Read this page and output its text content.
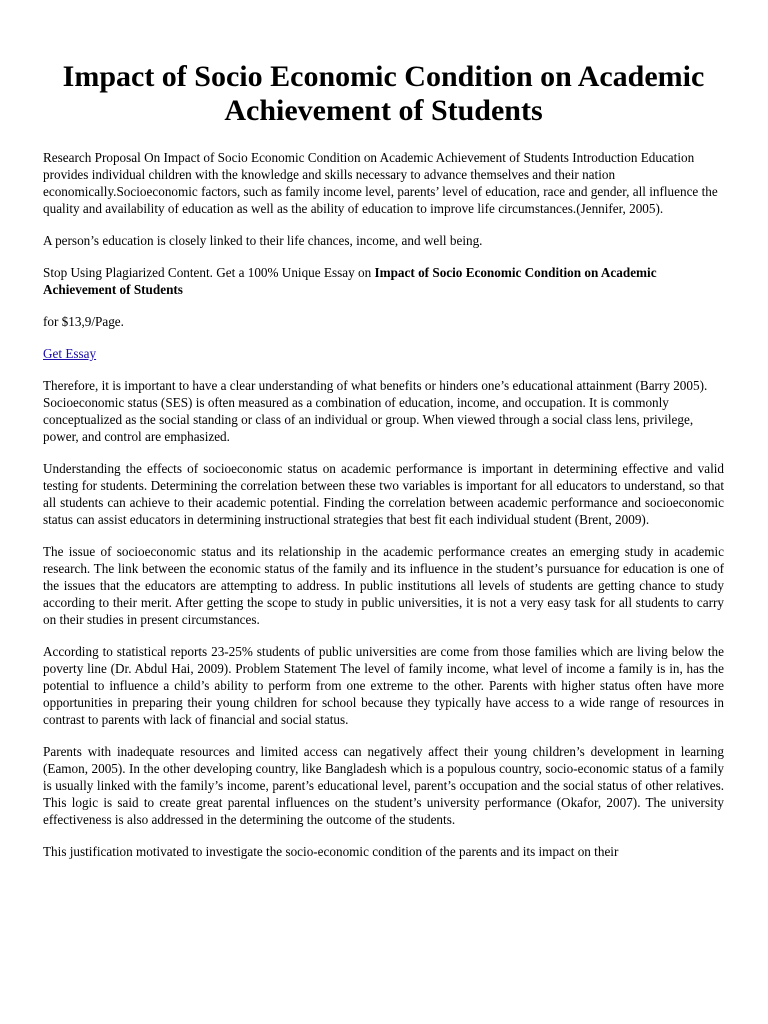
Impact of Socio Economic Condition on Academic Achievement of Students

Research Proposal On Impact of Socio Economic Condition on Academic Achievement of Students Introduction Education provides individual children with the knowledge and skills necessary to advance themselves and their nation economically.Socioeconomic factors, such as family income level, parents’ level of education, race and gender, all influence the quality and availability of education as well as the ability of education to improve life circumstances.(Jennifer, 2005).

A person’s education is closely linked to their life chances, income, and well being.

Stop Using Plagiarized Content. Get a 100% Unique Essay on Impact of Socio Economic Condition on Academic Achievement of Students

for $13,9/Page.

Get Essay

Therefore, it is important to have a clear understanding of what benefits or hinders one’s educational attainment (Barry 2005). Socioeconomic status (SES) is often measured as a combination of education, income, and occupation. It is commonly conceptualized as the social standing or class of an individual or group. When viewed through a social class lens, privilege, power, and control are emphasized.

Understanding the effects of socioeconomic status on academic performance is important in determining effective and valid testing for students. Determining the correlation between these two variables is important for all educators to understand, so that all students can achieve to their academic potential. Finding the correlation between academic performance and socioeconomic status can assist educators in determining instructional strategies that best fit each individual student (Brent, 2009).

The issue of socioeconomic status and its relationship in the academic performance creates an emerging study in academic research. The link between the economic status of the family and its influence in the student’s pursuance for education is one of the issues that the educators are attempting to address. In public institutions all levels of students are getting chance to study according to their merit. After getting the scope to study in public universities, it is not a very easy task for all students to carry on their studies in present circumstances.

According to statistical reports 23-25% students of public universities are come from those families which are living below the poverty line (Dr. Abdul Hai, 2009). Problem Statement The level of family income, what level of income a family is in, has the potential to influence a child’s ability to perform from one extreme to the other. Parents with higher status often have more opportunities in preparing their young children for school because they typically have access to a wide range of resources in contrast to parents with lack of financial and social status.

Parents with inadequate resources and limited access can negatively affect their young children’s development in learning (Eamon, 2005). In the other developing country, like Bangladesh which is a populous country, socio-economic status of a family is usually linked with the family’s income, parent’s educational level, parent’s occupation and the social status of other relatives. This logic is said to create great parental influences on the student’s university performance (Okafor, 2007). The university effectiveness is also addressed in the determining the outcome of the students.

This justification motivated to investigate the socio-economic condition of the parents and its impact on their
